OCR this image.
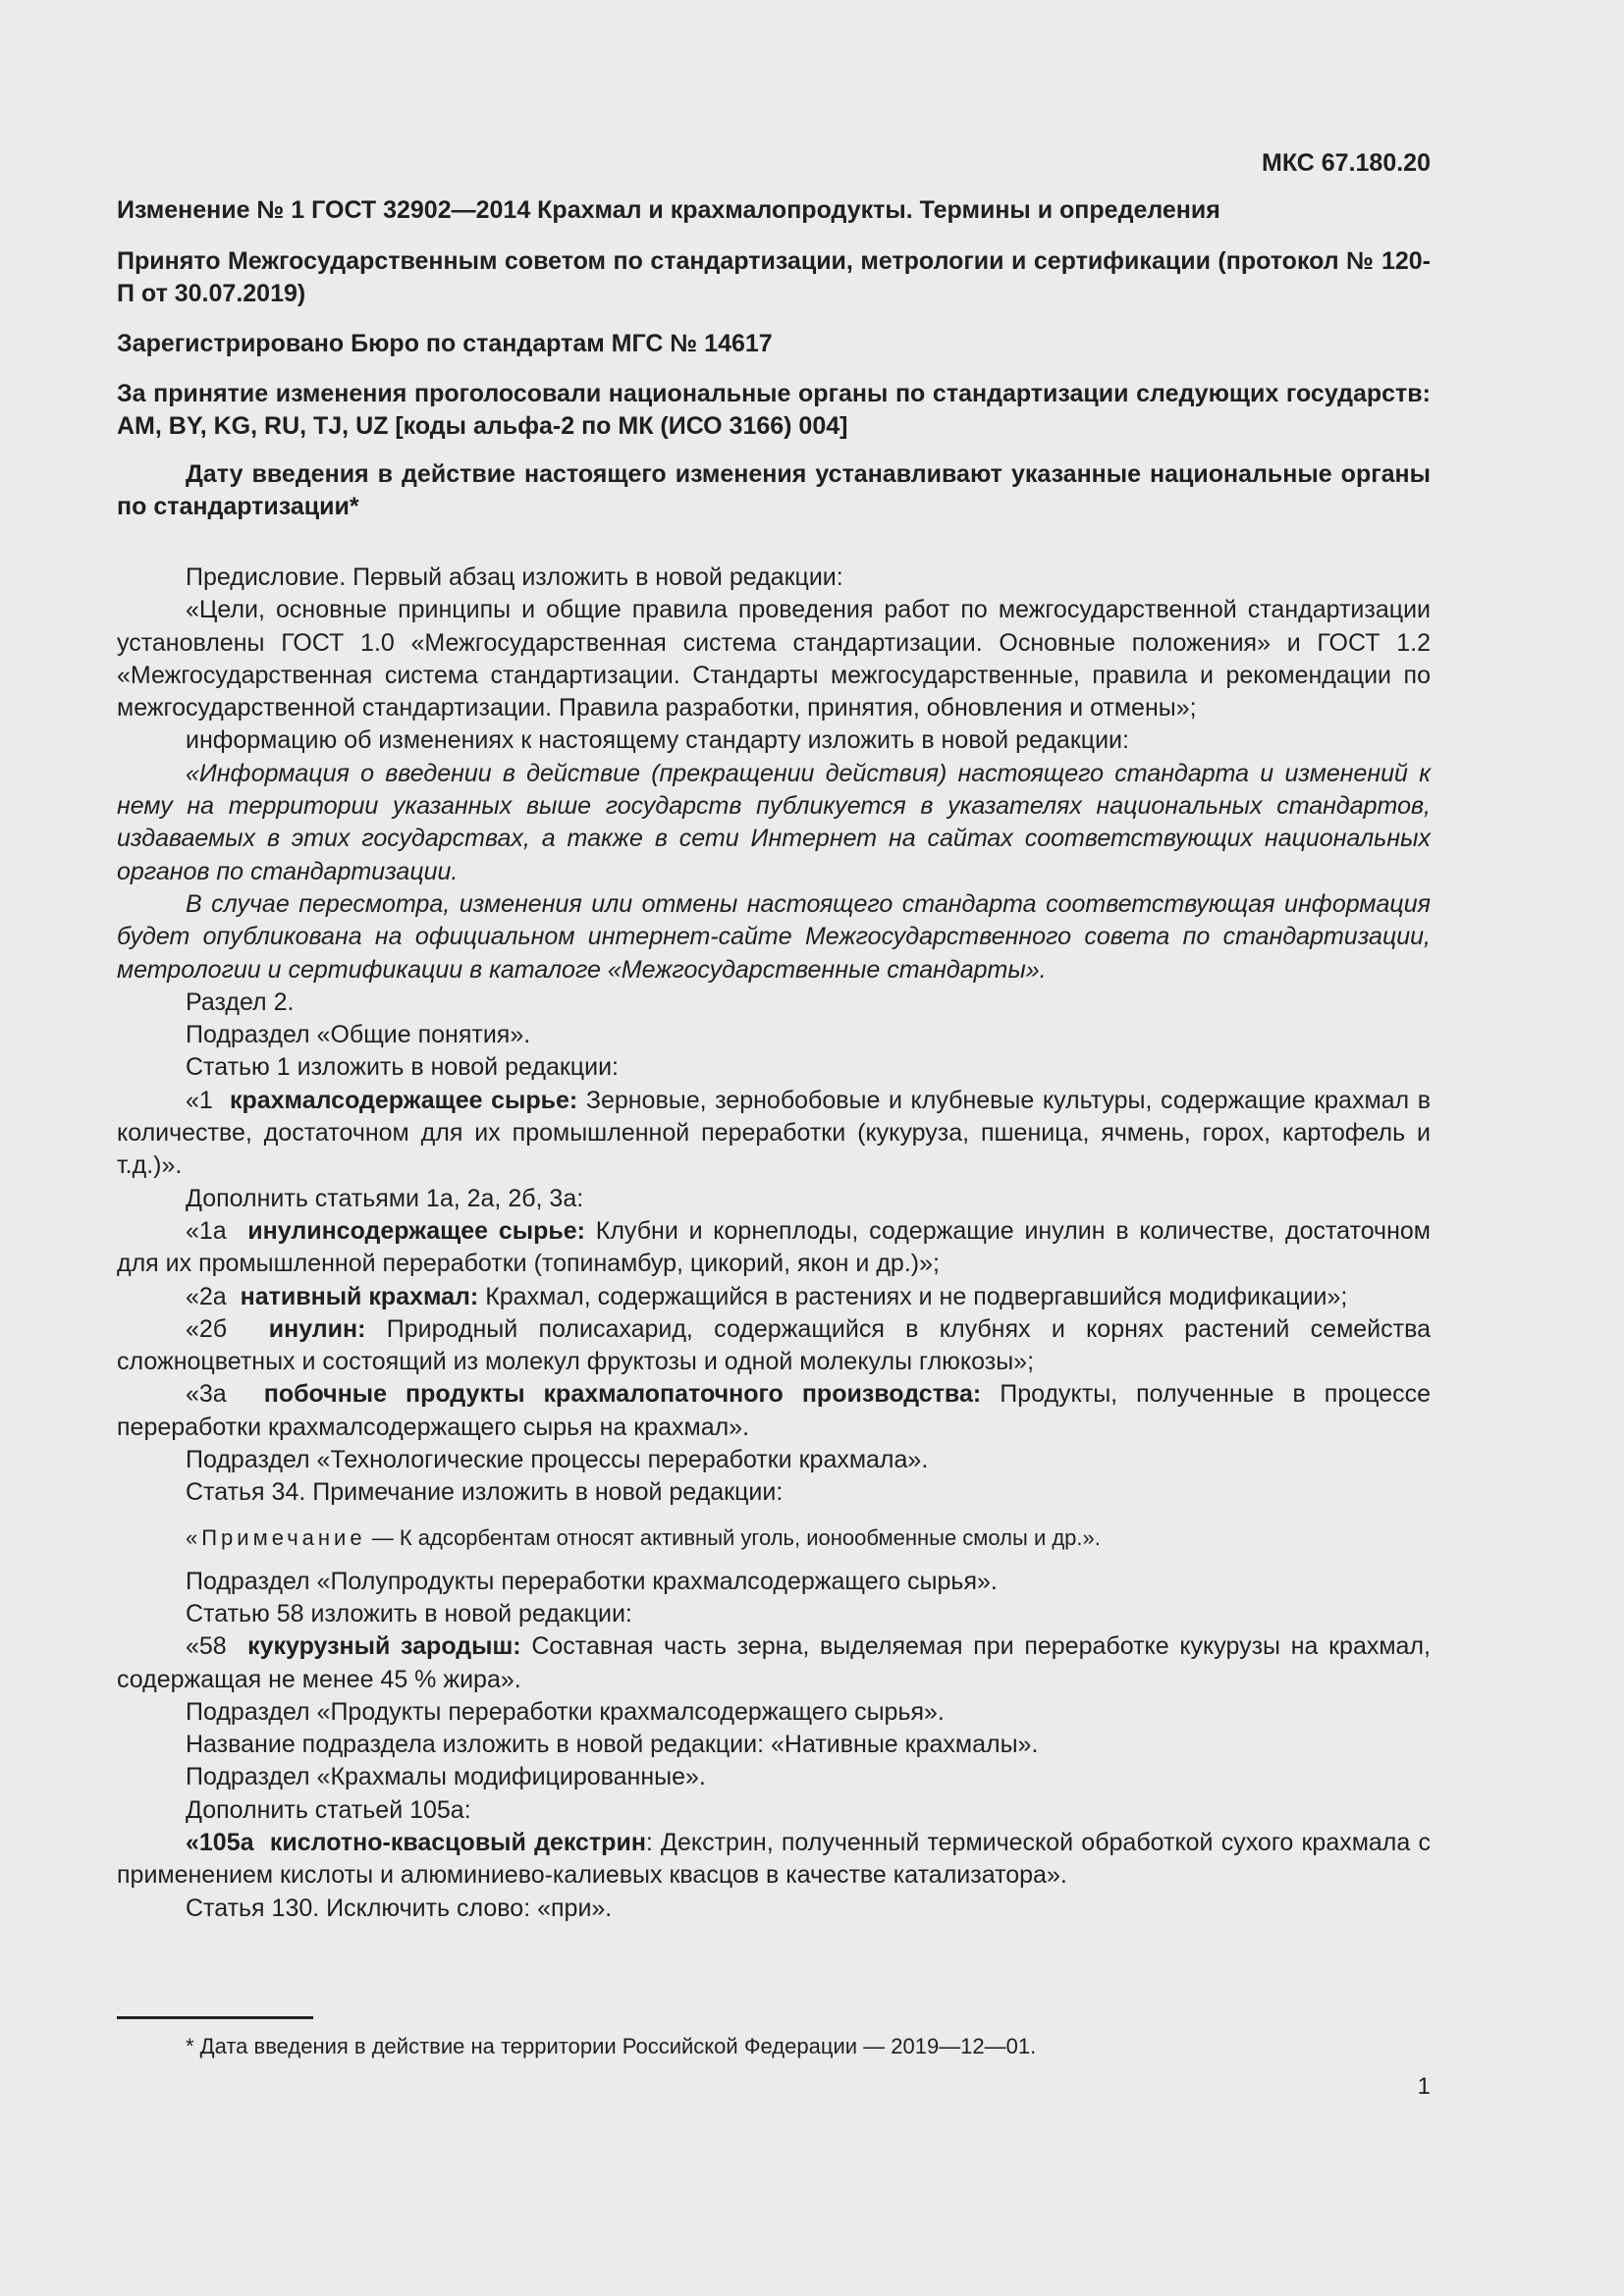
МКС 67.180.20
Изменение № 1 ГОСТ 32902—2014 Крахмал и крахмалопродукты. Термины и определения
Принято Межгосударственным советом по стандартизации, метрологии и сертификации (протокол № 120-П от 30.07.2019)
Зарегистрировано Бюро по стандартам МГС № 14617
За принятие изменения проголосовали национальные органы по стандартизации следующих государств: AM, BY, KG, RU, TJ, UZ [коды альфа-2 по МК (ИСО 3166) 004]
Дату введения в действие настоящего изменения устанавливают указанные национальные органы по стандартизации*

Предисловие. Первый абзац изложить в новой редакции:

«Цели, основные принципы и общие правила проведения работ по межгосударственной стандартизации установлены ГОСТ 1.0 «Межгосударственная система стандартизации. Основные положения» и ГОСТ 1.2 «Межгосударственная система стандартизации. Стандарты межгосударственные, правила и рекомендации по межгосударственной стандартизации. Правила разработки, принятия, обновления и отмены»;

информацию об изменениях к настоящему стандарту изложить в новой редакции:

«Информация о введении в действие (прекращении действия) настоящего стандарта и изменений к нему на территории указанных выше государств публикуется в указателях национальных стандартов, издаваемых в этих государствах, а также в сети Интернет на сайтах соответствующих национальных органов по стандартизации.

В случае пересмотра, изменения или отмены настоящего стандарта соответствующая информация будет опубликована на официальном интернет-сайте Межгосударственного совета по стандартизации, метрологии и сертификации в каталоге «Межгосударственные стандарты».

Раздел 2.

Подраздел «Общие понятия».

Статью 1 изложить в новой редакции:

«1 крахмалсодержащее сырье: Зерновые, зернобобовые и клубневые культуры, содержащие крахмал в количестве, достаточном для их промышленной переработки (кукуруза, пшеница, ячмень, горох, картофель и т.д.)».

Дополнить статьями 1а, 2а, 2б, 3а:

«1а инулинсодержащее сырье: Клубни и корнеплоды, содержащие инулин в количестве, достаточном для их промышленной переработки (топинамбур, цикорий, якон и др.)»;

«2а нативный крахмал: Крахмал, содержащийся в растениях и не подвергавшийся модификации»;

«2б инулин: Природный полисахарид, содержащийся в клубнях и корнях растений семейства сложноцветных и состоящий из молекул фруктозы и одной молекулы глюкозы»;

«3а побочные продукты крахмалопаточного производства: Продукты, полученные в процессе переработки крахмалсодержащего сырья на крахмал».

Подраздел «Технологические процессы переработки крахмала».

Статья 34. Примечание изложить в новой редакции:

«Примечание — К адсорбентам относят активный уголь, ионообменные смолы и др.».

Подраздел «Полупродукты переработки крахмалсодержащего сырья».

Статью 58 изложить в новой редакции:

«58 кукурузный зародыш: Составная часть зерна, выделяемая при переработке кукурузы на крахмал, содержащая не менее 45 % жира».

Подраздел «Продукты переработки крахмалсодержащего сырья».

Название подраздела изложить в новой редакции: «Нативные крахмалы».

Подраздел «Крахмалы модифицированные».

Дополнить статьей 105а:

«105а кислотно-квасцовый декстрин: Декстрин, полученный термической обработкой сухого крахмала с применением кислоты и алюминиево-калиевых квасцов в качестве катализатора».

Статья 130. Исключить слово: «при».

* Дата введения в действие на территории Российской Федерации — 2019—12—01.
1
